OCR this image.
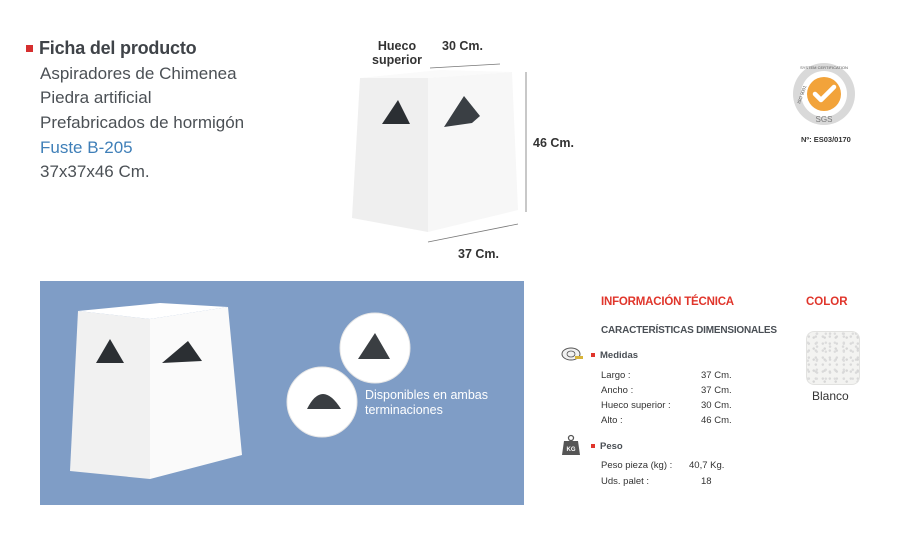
Ficha del producto
Aspiradores de Chimenea
Piedra artificial
Prefabricados de hormigón
Fuste B-205
37x37x46 Cm.
Hueco superior
30 Cm.
46 Cm.
37 Cm.
SGS
SYSTEM CERTIFICATION
ISO 9001
Nº: ES03/0170
Disponibles en ambas terminaciones
INFORMACIÓN TÉCNICA
CARACTERÍSTICAS DIMENSIONALES
Medidas
Largo :	37 Cm.
Ancho :	37 Cm.
Hueco superior :	30 Cm.
Alto :	46 Cm.
KG	Peso
Peso pieza (kg) :	40,7 Kg.
Uds. palet :	18
COLOR
Blanco
